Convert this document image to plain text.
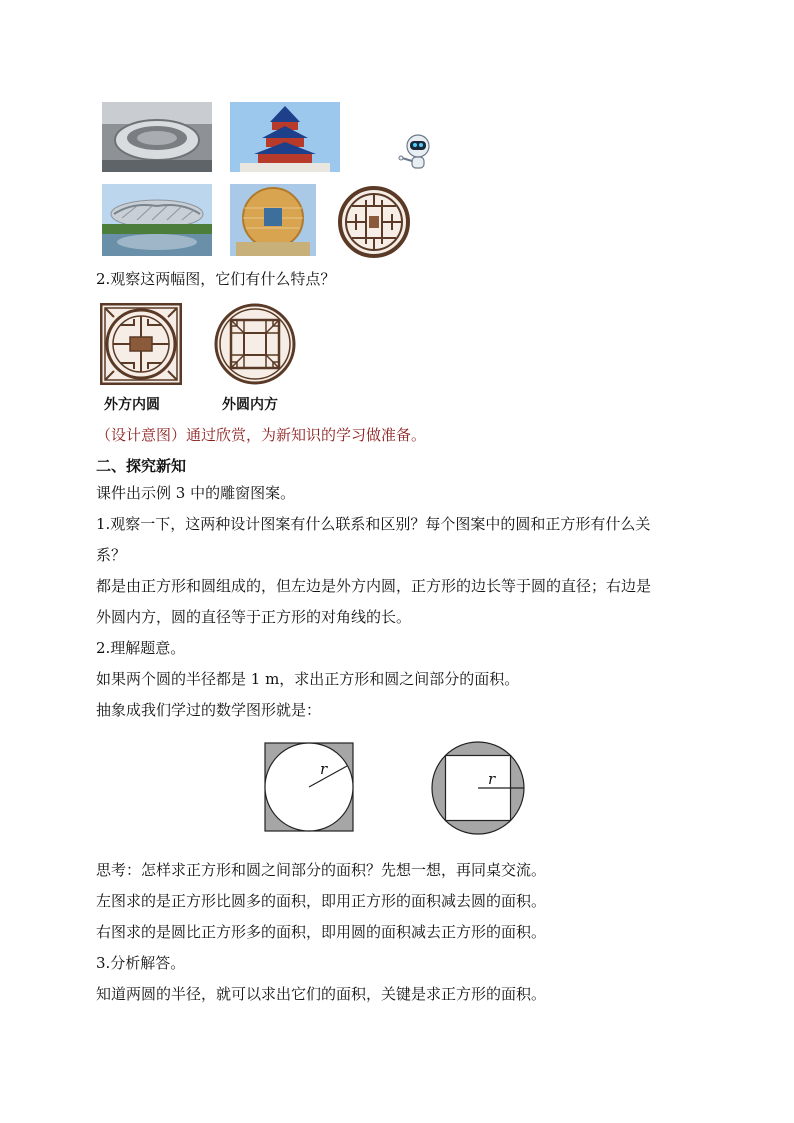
2.观察这两幅图，它们有什么特点？
外方内圆	外圆内方
（设计意图）通过欣赏，为新知识的学习做准备。
二、探究新知
课件出示例 3 中的雕窗图案。
1.观察一下，这两种设计图案有什么联系和区别？每个图案中的圆和正方形有什么关
系？
都是由正方形和圆组成的，但左边是外方内圆，正方形的边长等于圆的直径；右边是
外圆内方，圆的直径等于正方形的对角线的长。
2.理解题意。
如果两个圆的半径都是 1 m，求出正方形和圆之间部分的面积。
抽象成我们学过的数学图形就是：
r
r
思考：怎样求正方形和圆之间部分的面积？先想一想，再同桌交流。
左图求的是正方形比圆多的面积，即用正方形的面积减去圆的面积。
右图求的是圆比正方形多的面积，即用圆的面积减去正方形的面积。
3.分析解答。
知道两圆的半径，就可以求出它们的面积，关键是求正方形的面积。
